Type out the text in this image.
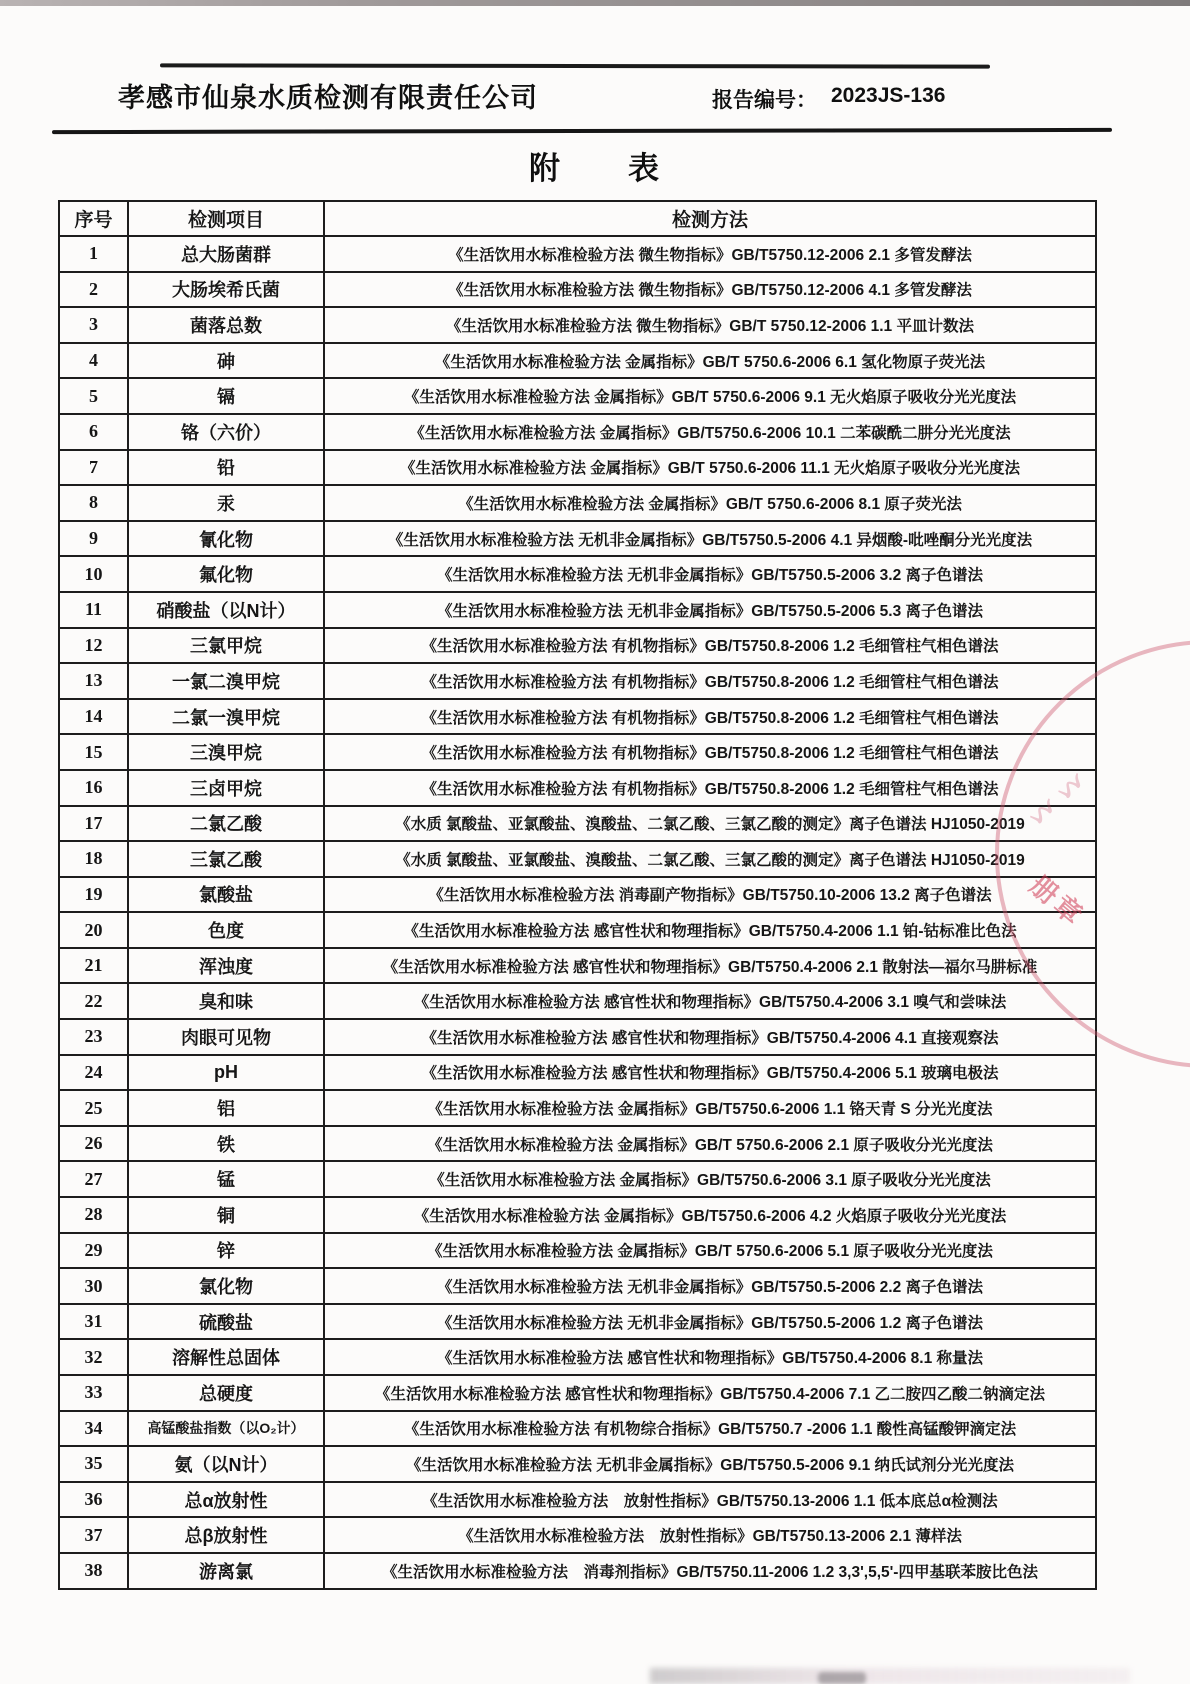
孝感市仙泉水质检测有限责任公司	报告编号： 2023JS-136
附　　表
序号	检测项目	检测方法
1	总大肠菌群	《生活饮用水标准检验方法 微生物指标》GB/T5750.12-2006 2.1 多管发酵法
2	大肠埃希氏菌	《生活饮用水标准检验方法 微生物指标》GB/T5750.12-2006 4.1 多管发酵法
3	菌落总数	《生活饮用水标准检验方法 微生物指标》GB/T 5750.12-2006 1.1 平皿计数法
4	砷	《生活饮用水标准检验方法 金属指标》GB/T 5750.6-2006 6.1 氢化物原子荧光法
5	镉	《生活饮用水标准检验方法 金属指标》GB/T 5750.6-2006 9.1 无火焰原子吸收分光光度法
6	铬（六价）	《生活饮用水标准检验方法 金属指标》GB/T5750.6-2006 10.1 二苯碳酰二肼分光光度法
7	铅	《生活饮用水标准检验方法 金属指标》GB/T 5750.6-2006 11.1 无火焰原子吸收分光光度法
8	汞	《生活饮用水标准检验方法 金属指标》GB/T 5750.6-2006 8.1 原子荧光法
9	氰化物	《生活饮用水标准检验方法 无机非金属指标》GB/T5750.5-2006 4.1 异烟酸-吡唑酮分光光度法
10	氟化物	《生活饮用水标准检验方法 无机非金属指标》GB/T5750.5-2006 3.2 离子色谱法
11	硝酸盐（以N计）	《生活饮用水标准检验方法 无机非金属指标》GB/T5750.5-2006 5.3 离子色谱法
12	三氯甲烷	《生活饮用水标准检验方法 有机物指标》GB/T5750.8-2006 1.2 毛细管柱气相色谱法
13	一氯二溴甲烷	《生活饮用水标准检验方法 有机物指标》GB/T5750.8-2006 1.2 毛细管柱气相色谱法
14	二氯一溴甲烷	《生活饮用水标准检验方法 有机物指标》GB/T5750.8-2006 1.2 毛细管柱气相色谱法
15	三溴甲烷	《生活饮用水标准检验方法 有机物指标》GB/T5750.8-2006 1.2 毛细管柱气相色谱法
16	三卤甲烷	《生活饮用水标准检验方法 有机物指标》GB/T5750.8-2006 1.2 毛细管柱气相色谱法
17	二氯乙酸	《水质 氯酸盐、亚氯酸盐、溴酸盐、二氯乙酸、三氯乙酸的测定》离子色谱法 HJ1050-2019
18	三氯乙酸	《水质 氯酸盐、亚氯酸盐、溴酸盐、二氯乙酸、三氯乙酸的测定》离子色谱法 HJ1050-2019
19	氯酸盐	《生活饮用水标准检验方法 消毒副产物指标》GB/T5750.10-2006 13.2 离子色谱法
20	色度	《生活饮用水标准检验方法 感官性状和物理指标》GB/T5750.4-2006 1.1 铂-钴标准比色法
21	浑浊度	《生活饮用水标准检验方法 感官性状和物理指标》GB/T5750.4-2006 2.1 散射法—福尔马肼标准
22	臭和味	《生活饮用水标准检验方法 感官性状和物理指标》GB/T5750.4-2006 3.1 嗅气和尝味法
23	肉眼可见物	《生活饮用水标准检验方法 感官性状和物理指标》GB/T5750.4-2006 4.1 直接观察法
24	pH	《生活饮用水标准检验方法 感官性状和物理指标》GB/T5750.4-2006 5.1 玻璃电极法
25	铝	《生活饮用水标准检验方法 金属指标》GB/T5750.6-2006 1.1 铬天青 S 分光光度法
26	铁	《生活饮用水标准检验方法 金属指标》GB/T 5750.6-2006 2.1 原子吸收分光光度法
27	锰	《生活饮用水标准检验方法 金属指标》GB/T5750.6-2006 3.1 原子吸收分光光度法
28	铜	《生活饮用水标准检验方法 金属指标》GB/T5750.6-2006 4.2 火焰原子吸收分光光度法
29	锌	《生活饮用水标准检验方法 金属指标》GB/T 5750.6-2006 5.1 原子吸收分光光度法
30	氯化物	《生活饮用水标准检验方法 无机非金属指标》GB/T5750.5-2006 2.2 离子色谱法
31	硫酸盐	《生活饮用水标准检验方法 无机非金属指标》GB/T5750.5-2006 1.2 离子色谱法
32	溶解性总固体	《生活饮用水标准检验方法 感官性状和物理指标》GB/T5750.4-2006 8.1 称量法
33	总硬度	《生活饮用水标准检验方法 感官性状和物理指标》GB/T5750.4-2006 7.1 乙二胺四乙酸二钠滴定法
34	高锰酸盐指数（以O₂计）	《生活饮用水标准检验方法 有机物综合指标》GB/T5750.7 -2006 1.1 酸性高锰酸钾滴定法
35	氨（以N计）	《生活饮用水标准检验方法 无机非金属指标》GB/T5750.5-2006 9.1 纳氏试剂分光光度法
36	总α放射性	《生活饮用水标准检验方法　放射性指标》GB/T5750.13-2006 1.1 低本底总α检测法
37	总β放射性	《生活饮用水标准检验方法　放射性指标》GB/T5750.13-2006 2.1 薄样法
38	游离氯	《生活饮用水标准检验方法　消毒剂指标》GB/T5750.11-2006 1.2 3,3',5,5'-四甲基联苯胺比色法
〻〻
册章
